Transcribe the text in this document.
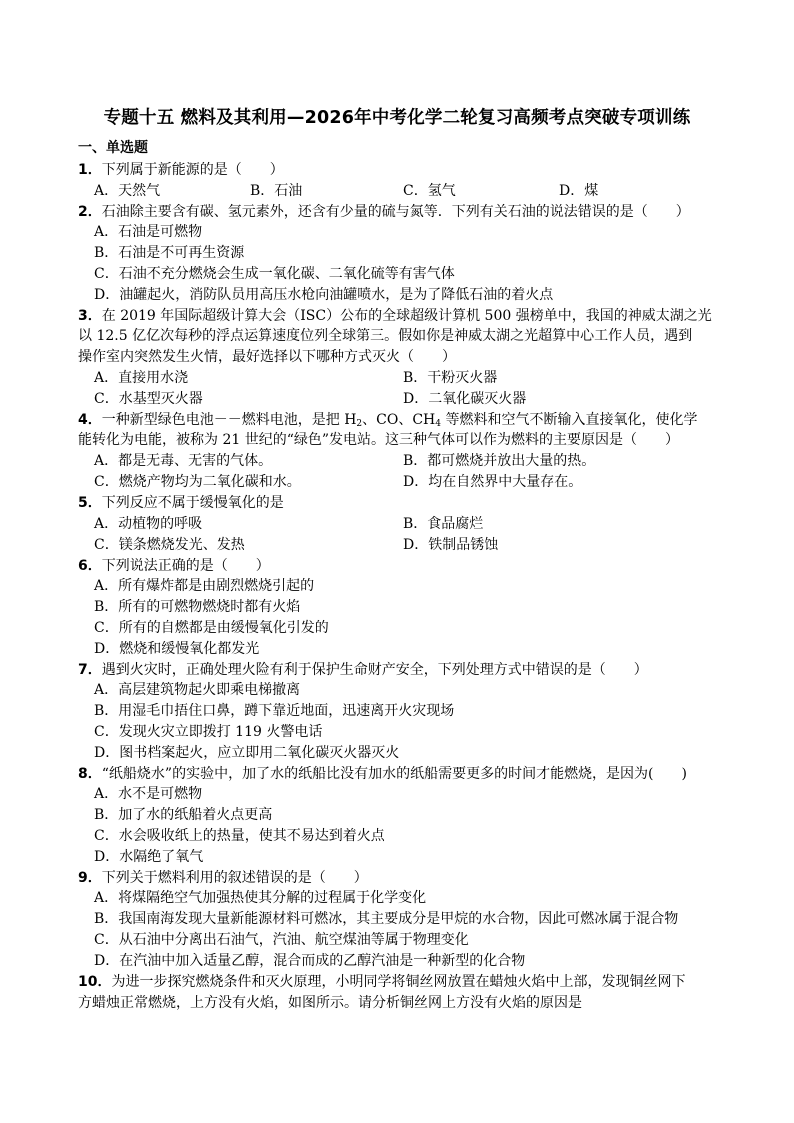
专题十五 燃料及其利用—2026年中考化学二轮复习高频考点突破专项训练
一、单选题
1．下列属于新能源的是（　　）
A．天然气	B．石油	C．氢气	D．煤
2．石油除主要含有碳、氢元素外，还含有少量的硫与氮等．下列有关石油的说法错误的是（　　）
A．石油是可燃物
B．石油是不可再生资源
C．石油不充分燃烧会生成一氧化碳、二氧化硫等有害气体
D．油罐起火，消防队员用高压水枪向油罐喷水，是为了降低石油的着火点
3．在 2019 年国际超级计算大会（ISC）公布的全球超级计算机 500 强榜单中，我国的神威太湖之光
以 12.5 亿亿次每秒的浮点运算速度位列全球第三。假如你是神威太湖之光超算中心工作人员，遇到
操作室内突然发生火情，最好选择以下哪种方式灭火（　　）
A．直接用水浇	B．干粉灭火器
C．水基型灭火器	D．二氧化碳灭火器
4．一种新型绿色电池－－燃料电池，是把 $H_2$、CO、$CH_4$ 等燃料和空气不断输入直接氧化，使化学
能转化为电能，被称为 21 世纪的“绿色”发电站。这三种气体可以作为燃料的主要原因是（　　）
A．都是无毒、无害的气体。	B．都可燃烧并放出大量的热。
C．燃烧产物均为二氧化碳和水。	D．均在自然界中大量存在。
5．下列反应不属于缓慢氧化的是
A．动植物的呼吸	B．食品腐烂
C．镁条燃烧发光、发热	D．铁制品锈蚀
6．下列说法正确的是（　　）
A．所有爆炸都是由剧烈燃烧引起的
B．所有的可燃物燃烧时都有火焰
C．所有的自燃都是由缓慢氧化引发的
D．燃烧和缓慢氧化都发光
7．遇到火灾时，正确处理火险有利于保护生命财产安全，下列处理方式中错误的是（　　）
A．高层建筑物起火即乘电梯撤离
B．用湿毛巾捂住口鼻，蹲下靠近地面，迅速离开火灾现场
C．发现火灾立即拨打 119 火警电话
D．图书档案起火，应立即用二氧化碳灭火器灭火
8．“纸船烧水”的实验中，加了水的纸船比没有加水的纸船需要更多的时间才能燃烧，是因为(　　)
A．水不是可燃物
B．加了水的纸船着火点更高
C．水会吸收纸上的热量，使其不易达到着火点
D．水隔绝了氧气
9．下列关于燃料利用的叙述错误的是（　　）
A．将煤隔绝空气加强热使其分解的过程属于化学变化
B．我国南海发现大量新能源材料可燃冰，其主要成分是甲烷的水合物，因此可燃冰属于混合物
C．从石油中分离出石油气，汽油、航空煤油等属于物理变化
D．在汽油中加入适量乙醇，混合而成的乙醇汽油是一种新型的化合物
10．为进一步探究燃烧条件和灭火原理，小明同学将铜丝网放置在蜡烛火焰中上部，发现铜丝网下
方蜡烛正常燃烧，上方没有火焰，如图所示。请分析铜丝网上方没有火焰的原因是
